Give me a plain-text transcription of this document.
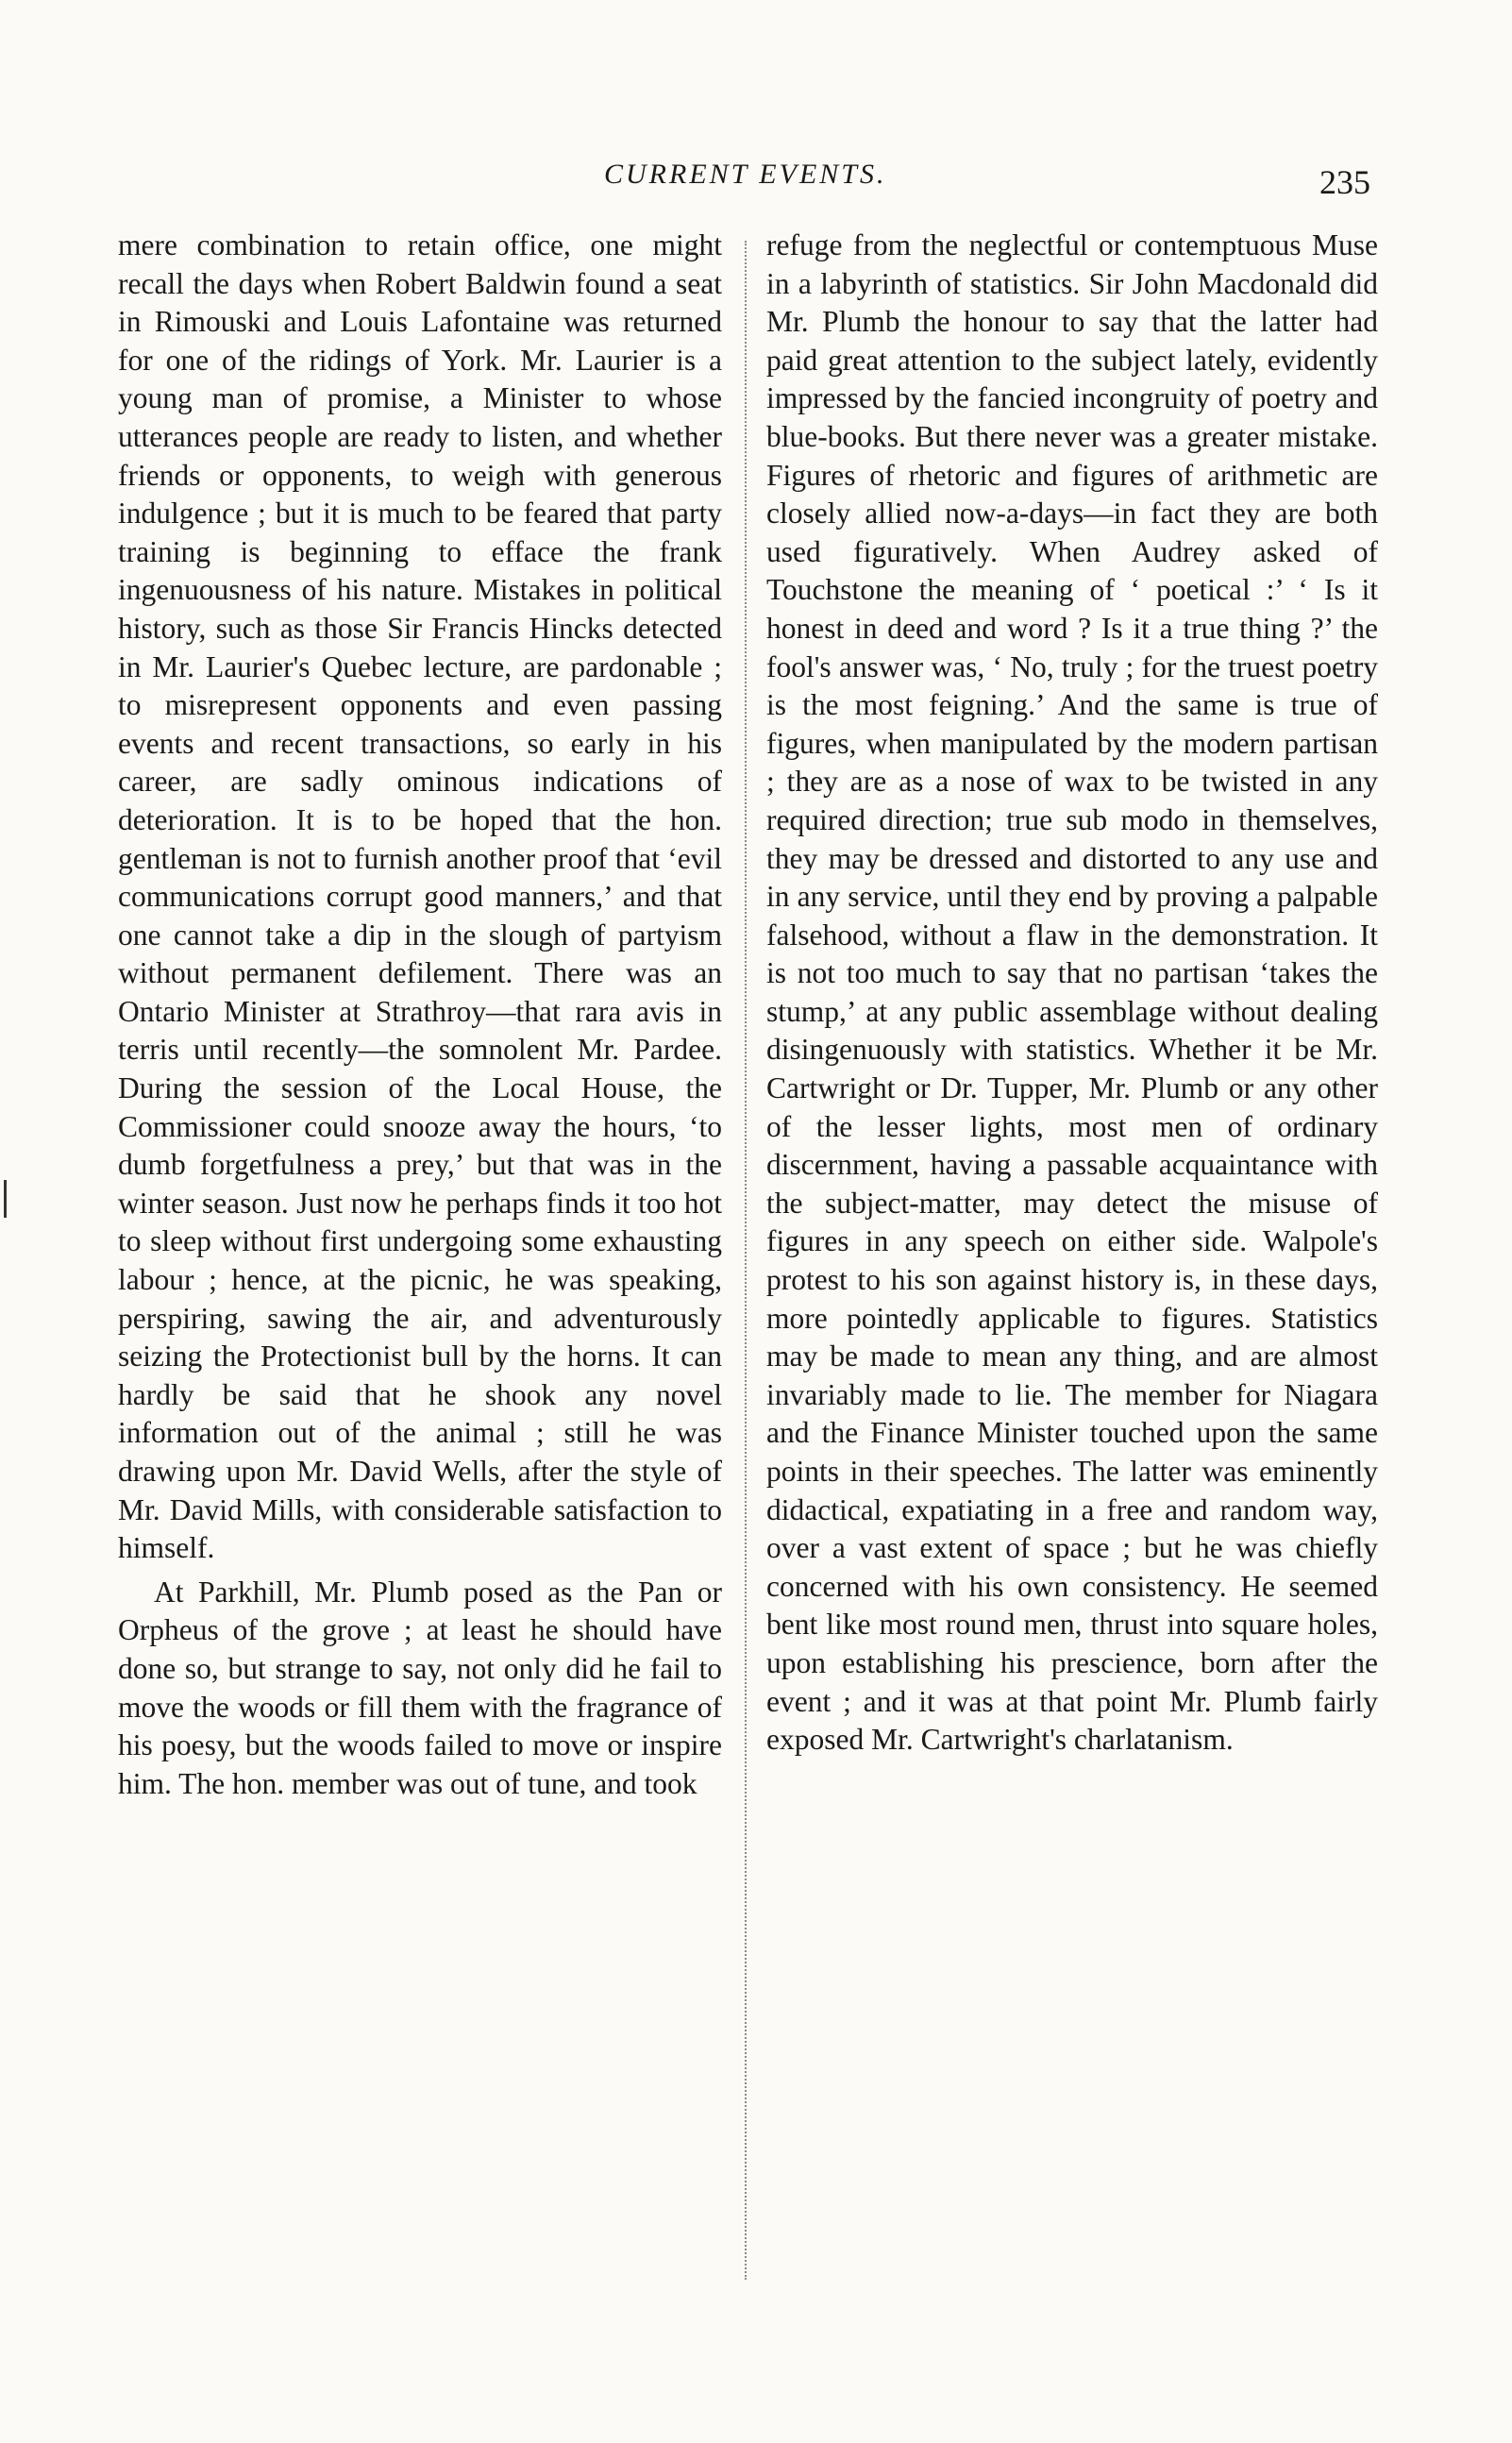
CURRENT EVENTS.	235

mere combination to retain office, one might recall the days when Robert Baldwin found a seat in Rimouski and Louis Lafontaine was returned for one of the ridings of York. Mr. Laurier is a young man of promise, a Minister to whose utterances people are ready to listen, and whether friends or opponents, to weigh with generous indulgence ; but it is much to be feared that party training is beginning to efface the frank ingenuousness of his nature. Mistakes in political history, such as those Sir Francis Hincks detected in Mr. Laurier's Quebec lecture, are pardonable ; to misrepresent opponents and even passing events and recent transactions, so early in his career, are sadly ominous indications of deterioration. It is to be hoped that the hon. gentleman is not to furnish another proof that ‘evil communications corrupt good manners,’ and that one cannot take a dip in the slough of partyism without permanent defilement. There was an Ontario Minister at Strathroy—that rara avis in terris until recently—the somnolent Mr. Pardee. During the session of the Local House, the Commissioner could snooze away the hours, ‘to dumb forgetfulness a prey,’ but that was in the winter season. Just now he perhaps finds it too hot to sleep without first undergoing some exhausting labour ; hence, at the picnic, he was speaking, perspiring, sawing the air, and adventurously seizing the Protectionist bull by the horns. It can hardly be said that he shook any novel information out of the animal ; still he was drawing upon Mr. David Wells, after the style of Mr. David Mills, with considerable satisfaction to himself.

At Parkhill, Mr. Plumb posed as the Pan or Orpheus of the grove ; at least he should have done so, but strange to say, not only did he fail to move the woods or fill them with the fragrance of his poesy, but the woods failed to move or inspire him. The hon. member was out of tune, and took

refuge from the neglectful or contemptuous Muse in a labyrinth of statistics. Sir John Macdonald did Mr. Plumb the honour to say that the latter had paid great attention to the subject lately, evidently impressed by the fancied incongruity of poetry and blue-books. But there never was a greater mistake. Figures of rhetoric and figures of arithmetic are closely allied now-a-days—in fact they are both used figuratively. When Audrey asked of Touchstone the meaning of ‘ poetical :’ ‘ Is it honest in deed and word ? Is it a true thing ?’ the fool's answer was, ‘ No, truly ; for the truest poetry is the most feigning.’ And the same is true of figures, when manipulated by the modern partisan ; they are as a nose of wax to be twisted in any required direction; true sub modo in themselves, they may be dressed and distorted to any use and in any service, until they end by proving a palpable falsehood, without a flaw in the demonstration. It is not too much to say that no partisan ‘takes the stump,’ at any public assemblage without dealing disingenuously with statistics. Whether it be Mr. Cartwright or Dr. Tupper, Mr. Plumb or any other of the lesser lights, most men of ordinary discernment, having a passable acquaintance with the subject-matter, may detect the misuse of figures in any speech on either side. Walpole's protest to his son against history is, in these days, more pointedly applicable to figures. Statistics may be made to mean any thing, and are almost invariably made to lie. The member for Niagara and the Finance Minister touched upon the same points in their speeches. The latter was eminently didactical, expatiating in a free and random way, over a vast extent of space ; but he was chiefly concerned with his own consistency. He seemed bent like most round men, thrust into square holes, upon establishing his prescience, born after the event ; and it was at that point Mr. Plumb fairly exposed Mr. Cartwright's charlatanism.
